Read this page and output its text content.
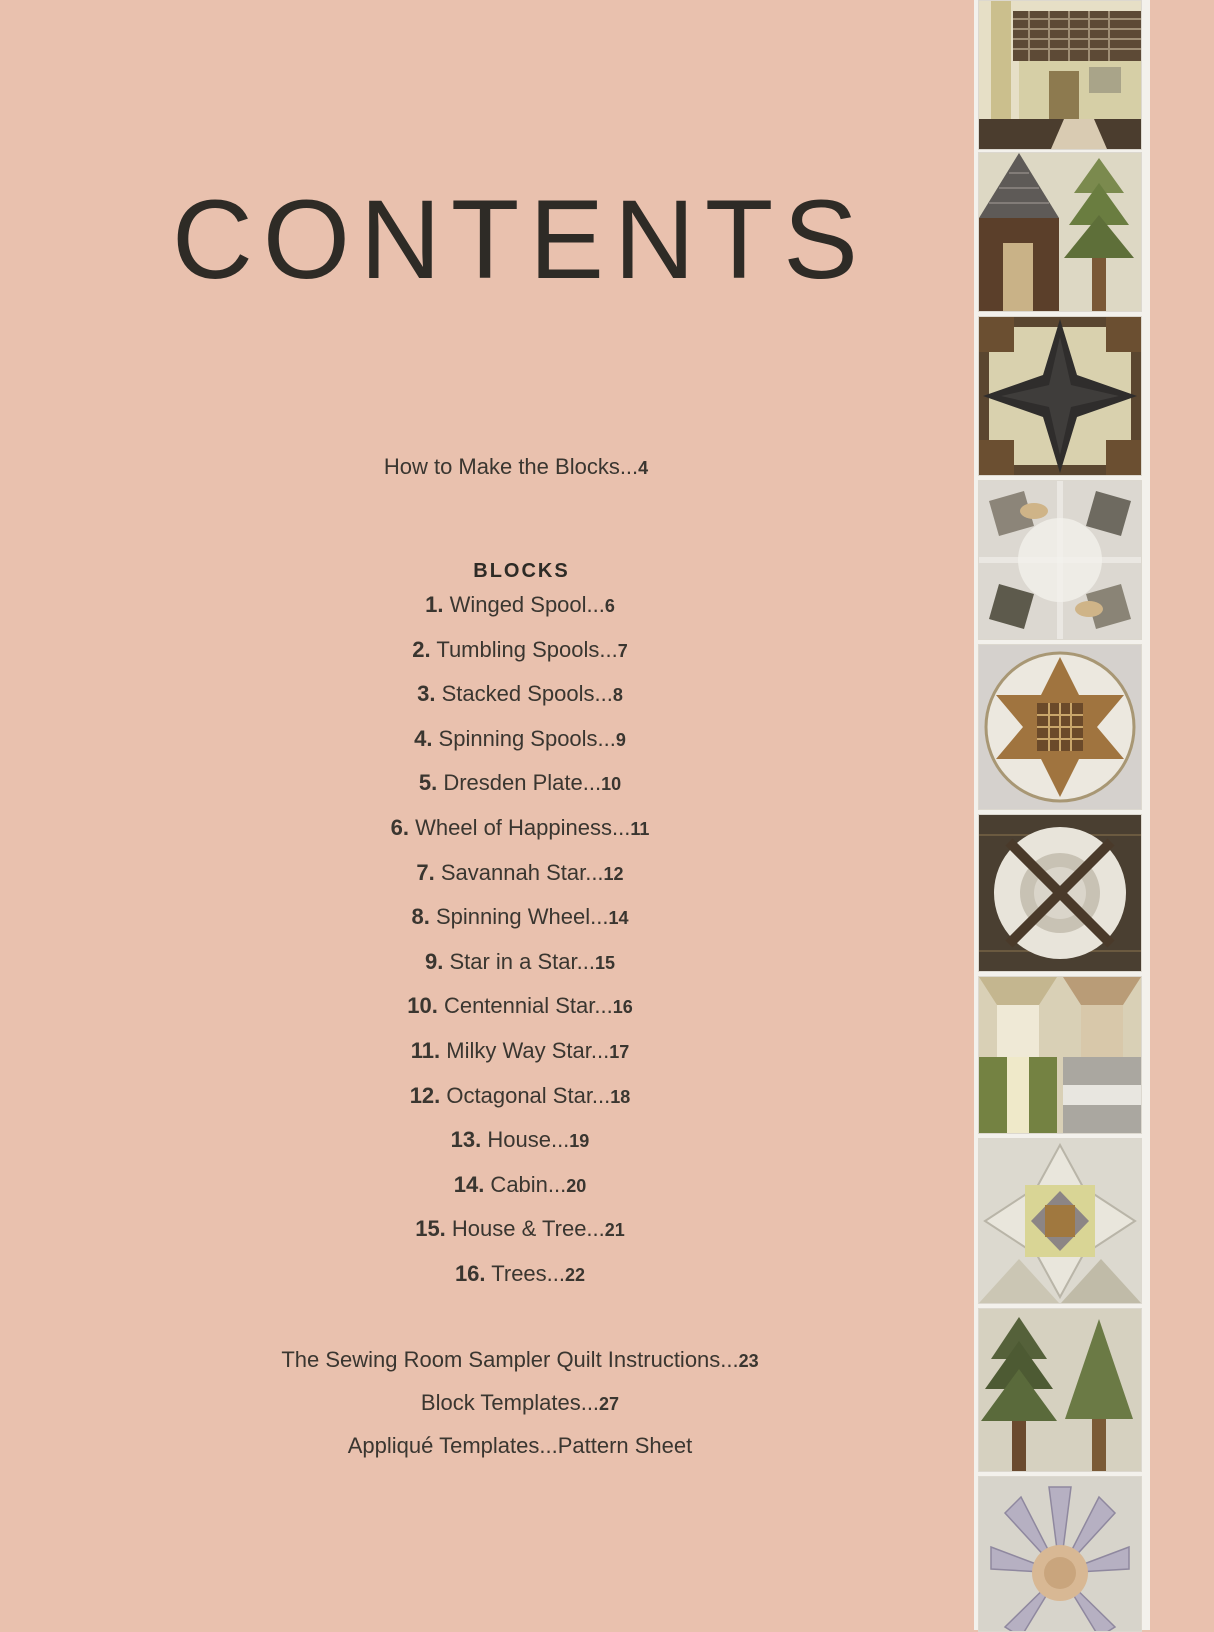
CONTENTS
How to Make the Blocks...4
BLOCKS
1. Winged Spool...6
2. Tumbling Spools...7
3. Stacked Spools...8
4. Spinning Spools...9
5. Dresden Plate...10
6. Wheel of Happiness...11
7. Savannah Star...12
8. Spinning Wheel...14
9. Star in a Star...15
10. Centennial Star...16
11. Milky Way Star...17
12. Octagonal Star...18
13. House...19
14. Cabin...20
15. House & Tree...21
16. Trees...22
The Sewing Room Sampler Quilt Instructions...23
Block Templates...27
Appliqué Templates...Pattern Sheet
